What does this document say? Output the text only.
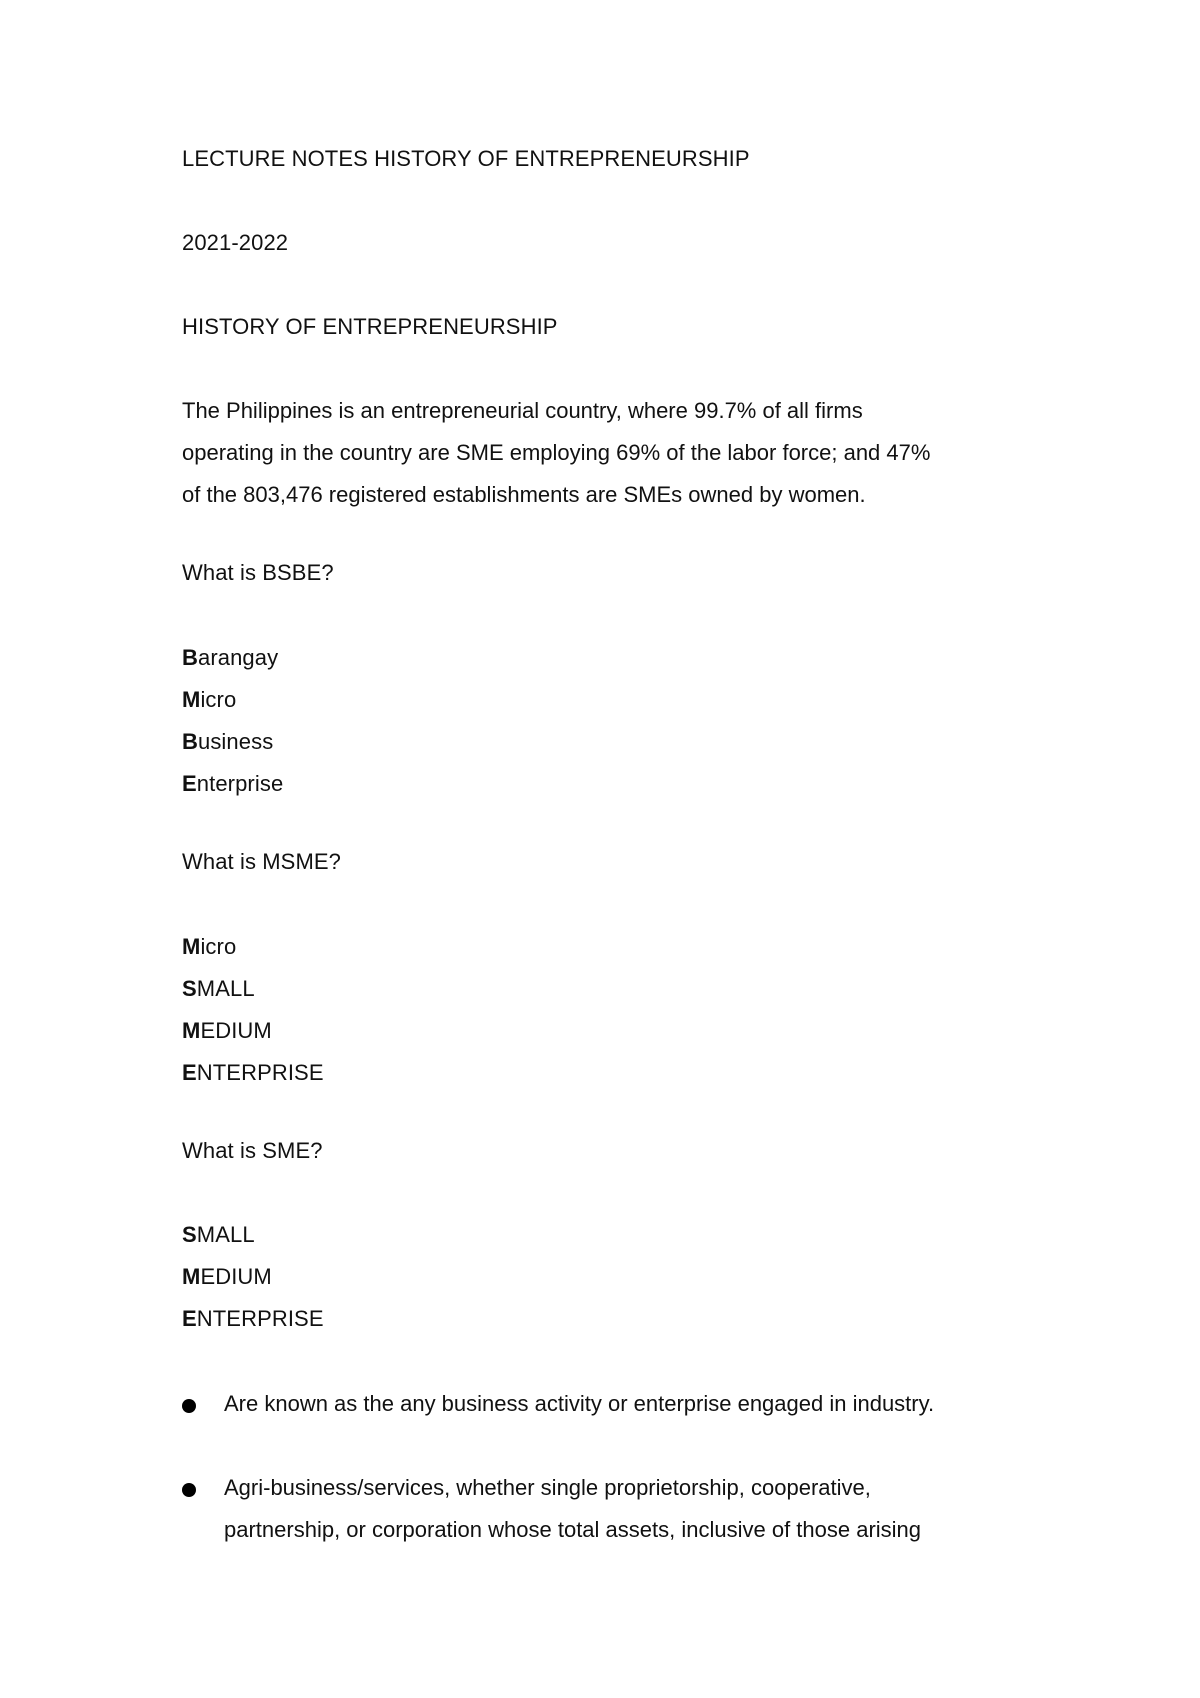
LECTURE NOTES HISTORY OF ENTREPRENEURSHIP
2021-2022
HISTORY OF ENTREPRENEURSHIP
The Philippines is an entrepreneurial country, where 99.7% of all firms
operating in the country are SME employing 69% of the labor force; and 47%
of the 803,476 registered establishments are SMEs owned by women.
What is BSBE?
Barangay
Micro
Business
Enterprise
What is MSME?
Micro
SMALL
MEDIUM
ENTERPRISE
What is SME?
SMALL
MEDIUM
ENTERPRISE
Are known as the any business activity or enterprise engaged in industry.
Agri-business/services, whether single proprietorship, cooperative,
partnership, or corporation whose total assets, inclusive of those arising
